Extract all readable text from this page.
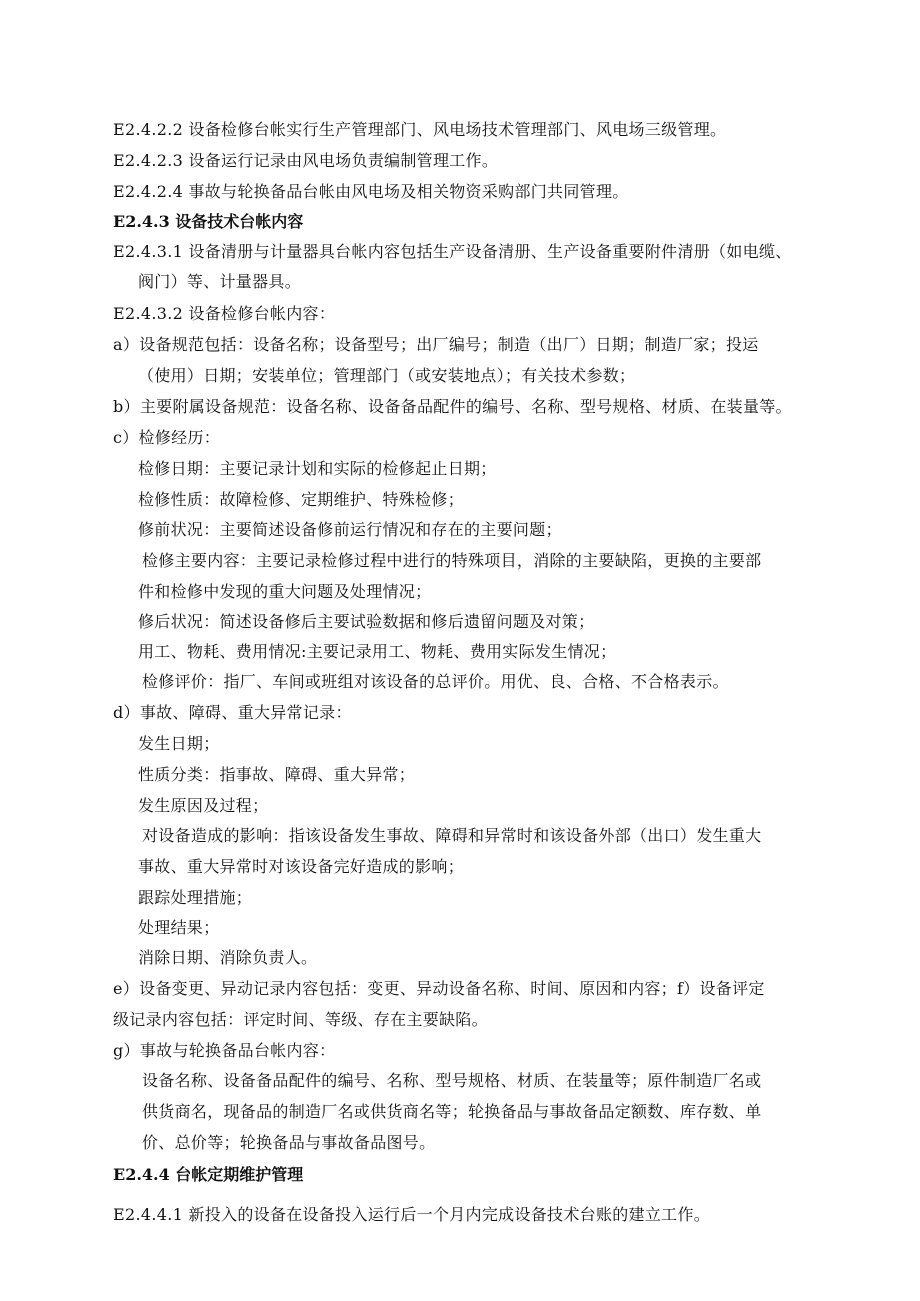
E2.4.2.2 设备检修台帐实行生产管理部门、风电场技术管理部门、风电场三级管理。
E2.4.2.3 设备运行记录由风电场负责编制管理工作。
E2.4.2.4 事故与轮换备品台帐由风电场及相关物资采购部门共同管理。
E2.4.3 设备技术台帐内容
E2.4.3.1 设备清册与计量器具台帐内容包括生产设备清册、生产设备重要附件清册（如电缆、
阀门）等、计量器具。
E2.4.3.2 设备检修台帐内容：
a）设备规范包括：设备名称；设备型号；出厂编号；制造（出厂）日期；制造厂家；投运
（使用）日期；安装单位；管理部门（或安装地点）；有关技术参数；
b）主要附属设备规范：设备名称、设备备品配件的编号、名称、型号规格、材质、在装量等。
c）检修经历：
检修日期：主要记录计划和实际的检修起止日期；
检修性质：故障检修、定期维护、特殊检修；
修前状况：主要简述设备修前运行情况和存在的主要问题；
检修主要内容：主要记录检修过程中进行的特殊项目，消除的主要缺陷，更换的主要部
件和检修中发现的重大问题及处理情况；
修后状况：简述设备修后主要试验数据和修后遗留问题及对策；
用工、物耗、费用情况:主要记录用工、物耗、费用实际发生情况；
检修评价：指厂、车间或班组对该设备的总评价。用优、良、合格、不合格表示。
d）事故、障碍、重大异常记录：
发生日期；
性质分类：指事故、障碍、重大异常；
发生原因及过程；
对设备造成的影响：指该设备发生事故、障碍和异常时和该设备外部（出口）发生重大
事故、重大异常时对该设备完好造成的影响；
跟踪处理措施；
处理结果；
消除日期、消除负责人。
e）设备变更、异动记录内容包括：变更、异动设备名称、时间、原因和内容；f）设备评定
级记录内容包括：评定时间、等级、存在主要缺陷。
g）事故与轮换备品台帐内容：
设备名称、设备备品配件的编号、名称、型号规格、材质、在装量等；原件制造厂名或
供货商名，现备品的制造厂名或供货商名等；轮换备品与事故备品定额数、库存数、单
价、总价等；轮换备品与事故备品图号。
E2.4.4 台帐定期维护管理
E2.4.4.1 新投入的设备在设备投入运行后一个月内完成设备技术台账的建立工作。
